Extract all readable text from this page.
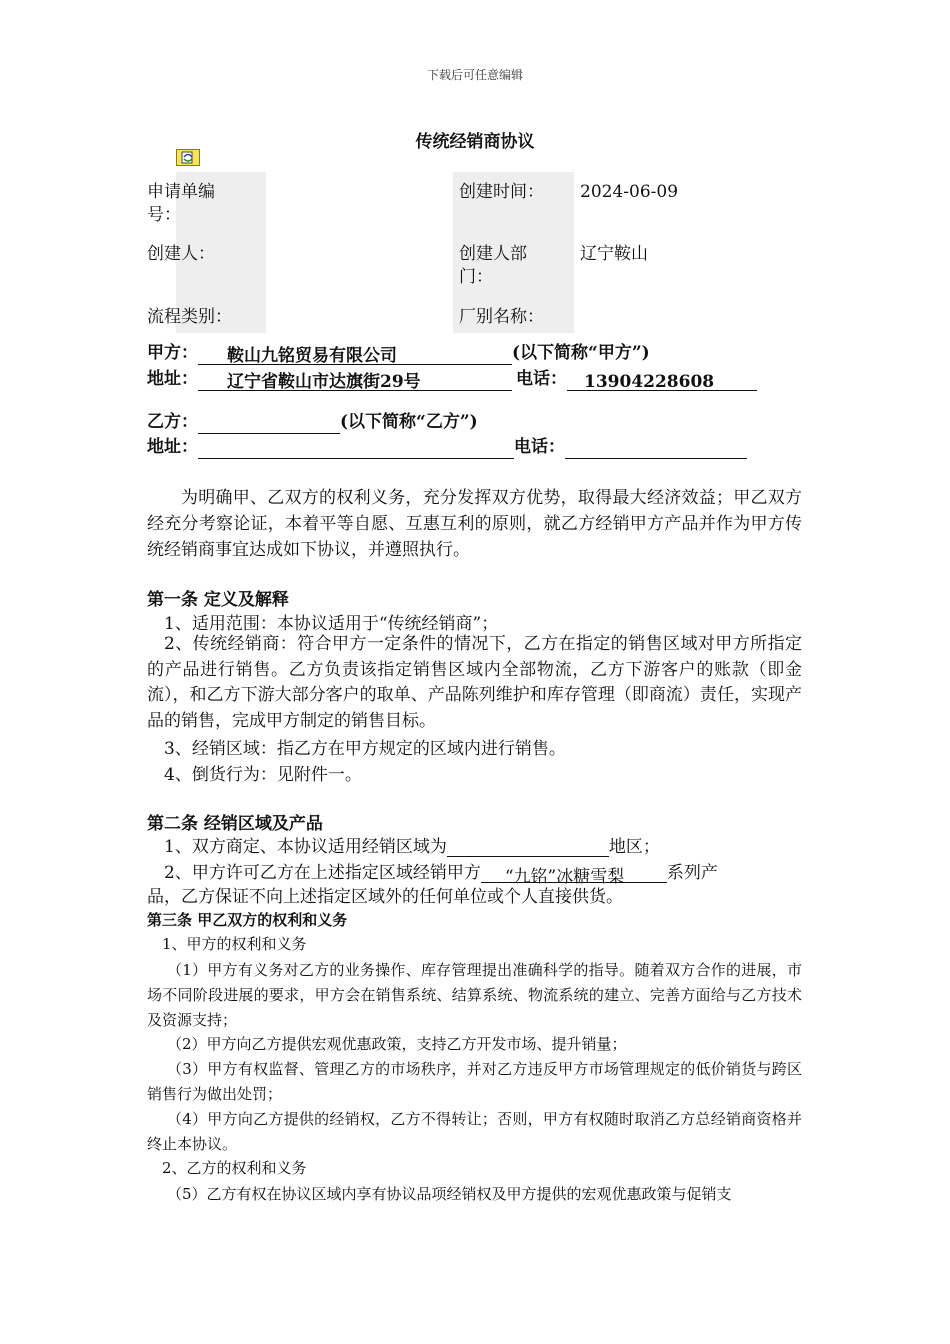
下载后可任意编辑
传统经销商协议
申请单编
号：
创建时间： 2024-06-09
创建人：	创建人部
门：
辽宁鞍山
流程类别：	厂别名称：
甲方： 鞍山九铭贸易有限公司	(以下简称“甲方”)
地址： 辽宁省鞍山市达旗街29号	电话： 13904228608
乙方：	(以下简称“乙方”)
地址：	电话：
为明确甲、乙双方的权利义务，充分发挥双方优势，取得最大经济效益；甲乙双方经充分考察论证，本着平等自愿、互惠互利的原则，就乙方经销甲方产品并作为甲方传统经销商事宜达成如下协议，并遵照执行。
第一条 定义及解释
1、适用范围：本协议适用于“传统经销商”；
2、传统经销商：符合甲方一定条件的情况下，乙方在指定的销售区域对甲方所指定的产品进行销售。乙方负责该指定销售区域内全部物流，乙方下游客户的账款（即金流），和乙方下游大部分客户的取单、产品陈列维护和库存管理（即商流）责任，实现产品的销售，完成甲方制定的销售目标。
3、经销区域：指乙方在甲方规定的区域内进行销售。
4、倒货行为：见附件一。
第二条 经销区域及产品
1、双方商定、本协议适用经销区域为	地区；
2、甲方许可乙方在上述指定区域经销甲方 “九铭”冰糖雪梨	系列产
品，乙方保证不向上述指定区域外的任何单位或个人直接供货。
第三条 甲乙双方的权利和义务
1、甲方的权利和义务
（1）甲方有义务对乙方的业务操作、库存管理提出准确科学的指导。随着双方合作的进展，市场不同阶段进展的要求，甲方会在销售系统、结算系统、物流系统的建立、完善方面给与乙方技术及资源支持；
（2）甲方向乙方提供宏观优惠政策，支持乙方开发市场、提升销量；
（3）甲方有权监督、管理乙方的市场秩序，并对乙方违反甲方市场管理规定的低价销货与跨区销售行为做出处罚；
（4）甲方向乙方提供的经销权，乙方不得转让；否则，甲方有权随时取消乙方总经销商资格并终止本协议。
2、乙方的权利和义务
（5）乙方有权在协议区域内享有协议品项经销权及甲方提供的宏观优惠政策与促销支
